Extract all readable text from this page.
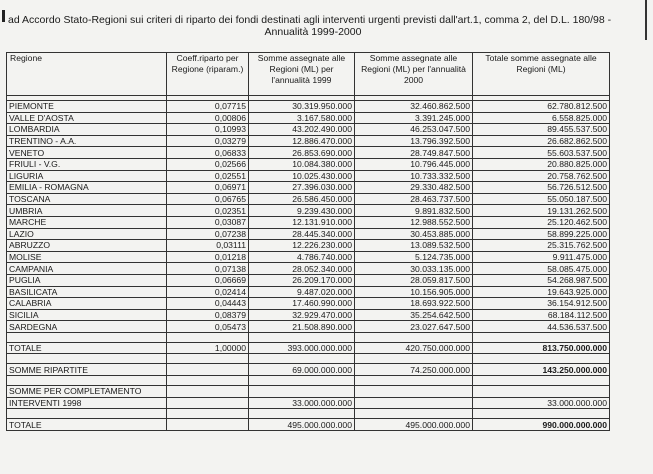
ad Accordo Stato-Regioni sui criteri di riparto dei fondi destinati agli interventi urgenti previsti dall'art.1, comma 2, del D.L. 180/98 -
Annualità 1999-2000
Regione	Coeff.riparto per Regione (riparam.)	Somme assegnate alle Regioni (ML) per l'annualità 1999	Somme assegnate alle Regioni (ML) per l'annualità 2000	Totale somme assegnate alle Regioni (ML)

PIEMONTE	0,07715	30.319.950.000	32.460.862.500	62.780.812.500
VALLE D'AOSTA	0,00806	3.167.580.000	3.391.245.000	6.558.825.000
LOMBARDIA	0,10993	43.202.490.000	46.253.047.500	89.455.537.500
TRENTINO - A.A.	0,03279	12.886.470.000	13.796.392.500	26.682.862.500
VENETO	0,06833	26.853.690.000	28.749.847.500	55.603.537.500
FRIULI - V.G.	0,02566	10.084.380.000	10.796.445.000	20.880.825.000
LIGURIA	0,02551	10.025.430.000	10.733.332.500	20.758.762.500
EMILIA - ROMAGNA	0,06971	27.396.030.000	29.330.482.500	56.726.512.500
TOSCANA	0,06765	26.586.450.000	28.463.737.500	55.050.187.500
UMBRIA	0,02351	9.239.430.000	9.891.832.500	19.131.262.500
MARCHE	0,03087	12.131.910.000	12.988.552.500	25.120.462.500
LAZIO	0,07238	28.445.340.000	30.453.885.000	58.899.225.000
ABRUZZO	0,03111	12.226.230.000	13.089.532.500	25.315.762.500
MOLISE	0,01218	4.786.740.000	5.124.735.000	9.911.475.000
CAMPANIA	0,07138	28.052.340.000	30.033.135.000	58.085.475.000
PUGLIA	0,06669	26.209.170.000	28.059.817.500	54.268.987.500
BASILICATA	0,02414	9.487.020.000	10.156.905.000	19.643.925.000
CALABRIA	0,04443	17.460.990.000	18.693.922.500	36.154.912.500
SICILIA	0,08379	32.929.470.000	35.254.642.500	68.184.112.500
SARDEGNA	0,05473	21.508.890.000	23.027.647.500	44.536.537.500

TOTALE	1,00000	393.000.000.000	420.750.000.000	813.750.000.000

SOMME RIPARTITE		69.000.000.000	74.250.000.000	143.250.000.000

SOMME PER COMPLETAMENTO				
INTERVENTI 1998		33.000.000.000		33.000.000.000

TOTALE		495.000.000.000	495.000.000.000	990.000.000.000
